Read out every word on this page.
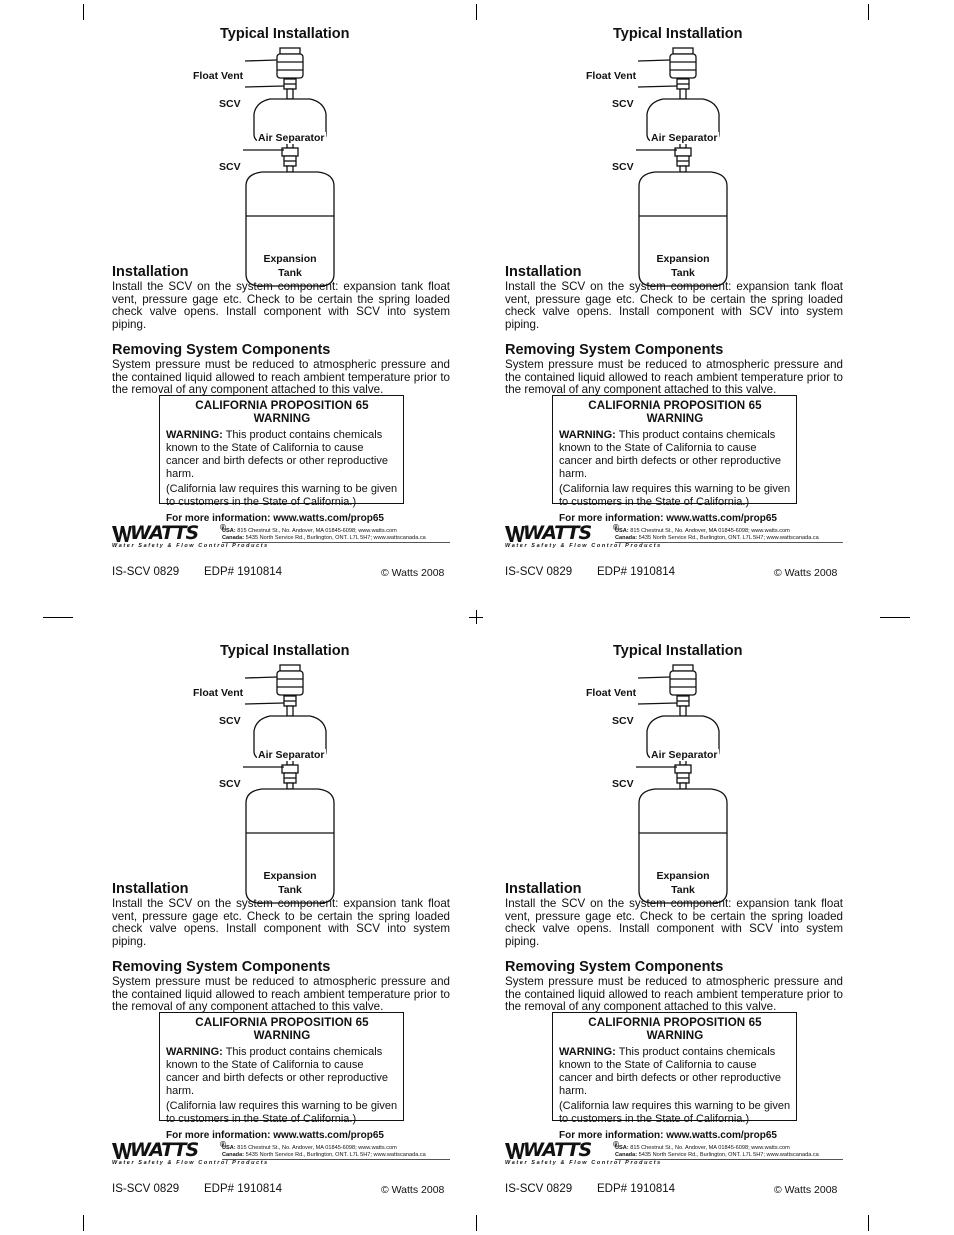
Typical Installation
Float Vent
SCV
Air Separator
SCV
Expansion
Tank
Installation
Install the SCV on the system component: expansion tank float vent, pressure gage etc. Check to be certain the spring loaded check valve opens. Install component with SCV into system piping.
Removing System Components
System pressure must be reduced to atmospheric pressure and the contained liquid allowed to reach ambient temperature prior to the removal of any component attached to this valve.
CALIFORNIA PROPOSITION 65 WARNING
WARNING: This product contains chemicals known to the State of California to cause cancer and birth defects or other reproductive harm.
(California law requires this warning to be given to customers in the State of California.)
For more information: www.watts.com/prop65
WATTS	®
Water Safety & Flow Control Products
USA: 815 Chestnut St., No. Andover, MA 01845-6098; www.watts.com
Canada: 5435 North Service Rd., Burlington, ONT. L7L 5H7; www.wattscanada.ca
IS-SCV 0829 EDP# 1910814	© Watts 2008
Typical Installation
Float Vent
SCV
Air Separator
SCV
Expansion
Tank
Installation
Install the SCV on the system component: expansion tank float vent, pressure gage etc. Check to be certain the spring loaded check valve opens. Install component with SCV into system piping.
Removing System Components
System pressure must be reduced to atmospheric pressure and the contained liquid allowed to reach ambient temperature prior to the removal of any component attached to this valve.
CALIFORNIA PROPOSITION 65 WARNING
WARNING: This product contains chemicals known to the State of California to cause cancer and birth defects or other reproductive harm.
(California law requires this warning to be given to customers in the State of California.)
For more information: www.watts.com/prop65
WATTS	®
Water Safety & Flow Control Products
USA: 815 Chestnut St., No. Andover, MA 01845-6098; www.watts.com
Canada: 5435 North Service Rd., Burlington, ONT. L7L 5H7; www.wattscanada.ca
IS-SCV 0829 EDP# 1910814	© Watts 2008
Typical Installation
Float Vent
SCV
Air Separator
SCV
Expansion
Tank
Installation
Install the SCV on the system component: expansion tank float vent, pressure gage etc. Check to be certain the spring loaded check valve opens. Install component with SCV into system piping.
Removing System Components
System pressure must be reduced to atmospheric pressure and the contained liquid allowed to reach ambient temperature prior to the removal of any component attached to this valve.
CALIFORNIA PROPOSITION 65 WARNING
WARNING: This product contains chemicals known to the State of California to cause cancer and birth defects or other reproductive harm.
(California law requires this warning to be given to customers in the State of California.)
For more information: www.watts.com/prop65
WATTS	®
Water Safety & Flow Control Products
USA: 815 Chestnut St., No. Andover, MA 01845-6098; www.watts.com
Canada: 5435 North Service Rd., Burlington, ONT. L7L 5H7; www.wattscanada.ca
IS-SCV 0829 EDP# 1910814	© Watts 2008
Typical Installation
Float Vent
SCV
Air Separator
SCV
Expansion
Tank
Installation
Install the SCV on the system component: expansion tank float vent, pressure gage etc. Check to be certain the spring loaded check valve opens. Install component with SCV into system piping.
Removing System Components
System pressure must be reduced to atmospheric pressure and the contained liquid allowed to reach ambient temperature prior to the removal of any component attached to this valve.
CALIFORNIA PROPOSITION 65 WARNING
WARNING: This product contains chemicals known to the State of California to cause cancer and birth defects or other reproductive harm.
(California law requires this warning to be given to customers in the State of California.)
For more information: www.watts.com/prop65
WATTS	®
Water Safety & Flow Control Products
USA: 815 Chestnut St., No. Andover, MA 01845-6098; www.watts.com
Canada: 5435 North Service Rd., Burlington, ONT. L7L 5H7; www.wattscanada.ca
IS-SCV 0829 EDP# 1910814	© Watts 2008
